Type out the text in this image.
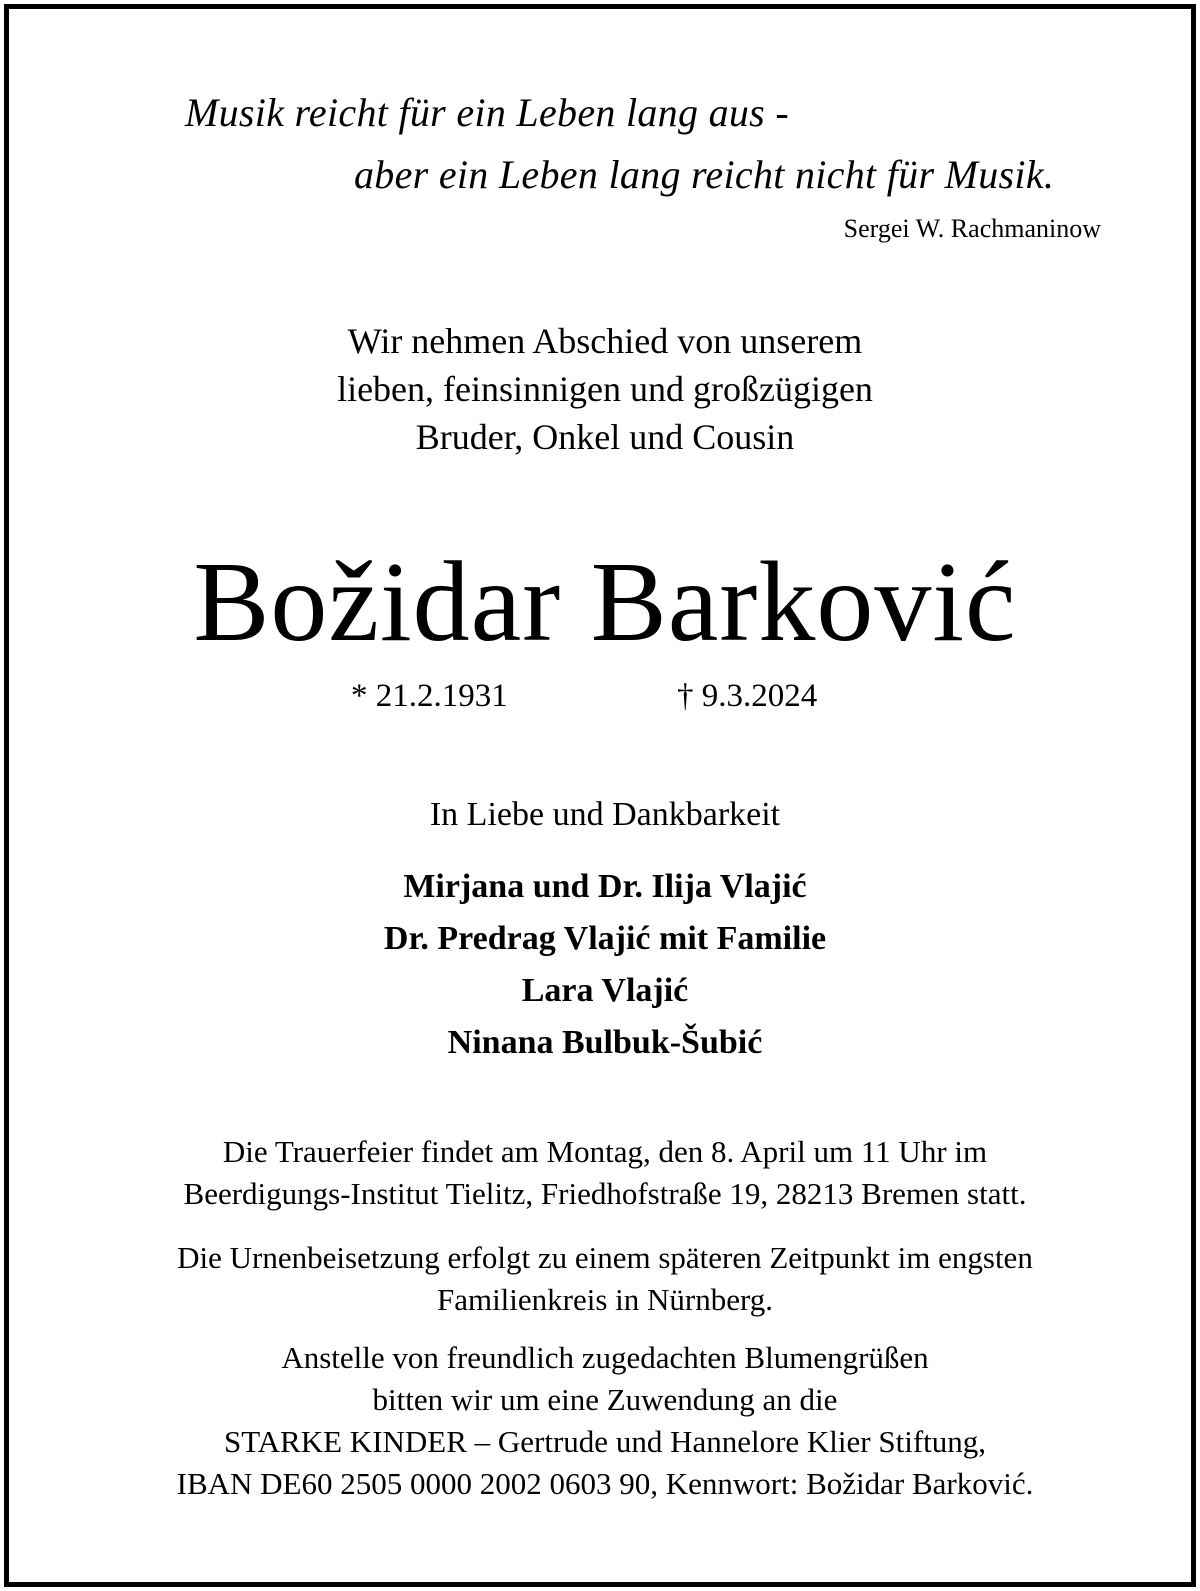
Musik reicht für ein Leben lang aus -
aber ein Leben lang reicht nicht für Musik.
Sergei W. Rachmaninow
Wir nehmen Abschied von unserem
lieben, feinsinnigen und großzügigen
Bruder, Onkel und Cousin
Božidar Barković
* 21.2.1931	† 9.3.2024
In Liebe und Dankbarkeit
Mirjana und Dr. Ilija Vlajić
Dr. Predrag Vlajić mit Familie
Lara Vlajić
Ninana Bulbuk-Šubić
Die Trauerfeier findet am Montag, den 8. April um 11 Uhr im
Beerdigungs-Institut Tielitz, Friedhofstraße 19, 28213 Bremen statt.
Die Urnenbeisetzung erfolgt zu einem späteren Zeitpunkt im engsten
Familienkreis in Nürnberg.
Anstelle von freundlich zugedachten Blumengrüßen
bitten wir um eine Zuwendung an die
STARKE KINDER – Gertrude und Hannelore Klier Stiftung,
IBAN DE60 2505 0000 2002 0603 90, Kennwort: Božidar Barković.
